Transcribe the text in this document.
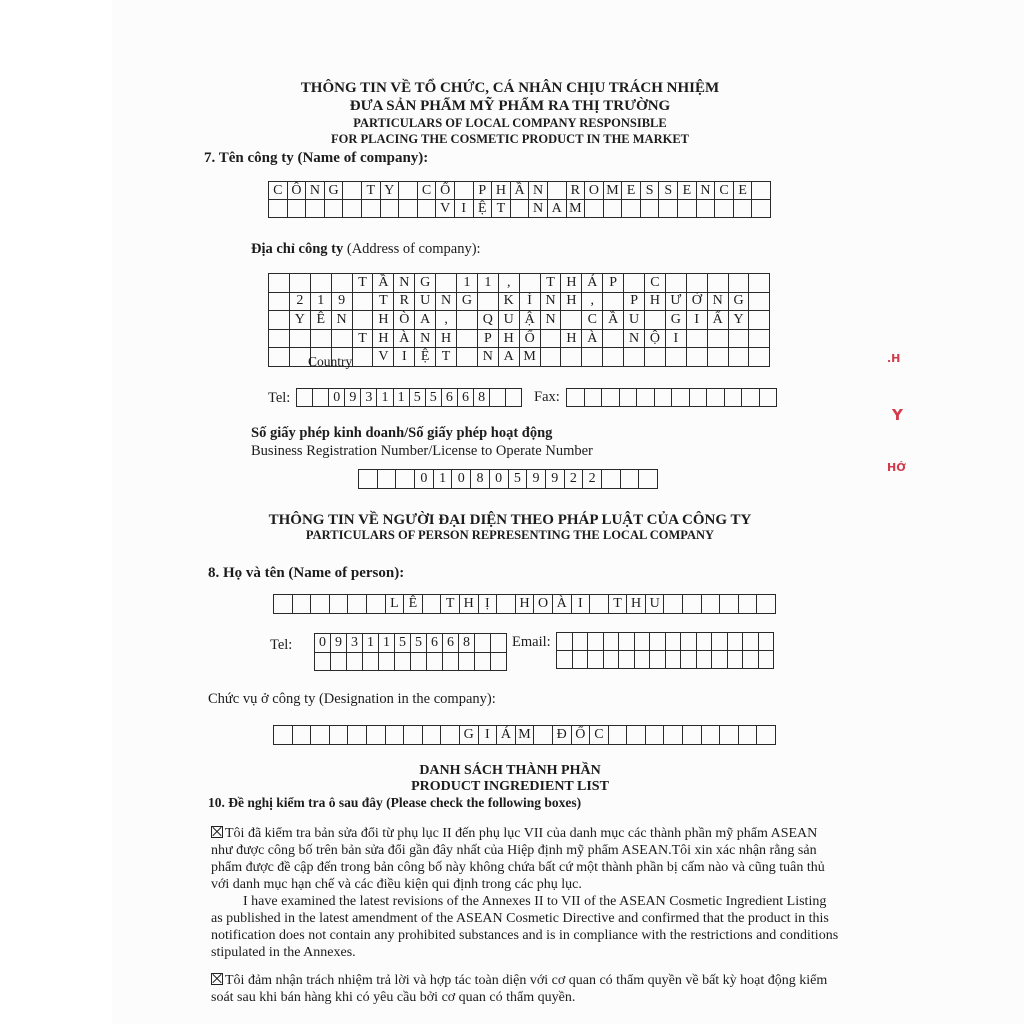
THÔNG TIN VỀ TỔ CHỨC, CÁ NHÂN CHỊU TRÁCH NHIỆM
ĐƯA SẢN PHẨM MỸ PHẨM RA THỊ TRƯỜNG
PARTICULARS OF LOCAL COMPANY RESPONSIBLE
FOR PLACING THE COSMETIC PRODUCT IN THE MARKET
7. Tên công ty (Name of company):
C Ô N G	T Y	C Ổ	P H Ầ N	R O M E S S E N C E
V I Ệ T	N A M
Địa chỉ công ty (Address of company):
T Ầ N G	1 1	,	T H Á P	C
2 1 9	T R U N G	K Í N H	,	P H Ư Ờ N G
Y Ê N	H Ò A	,	Q U Ậ N	C Ầ U	G I Ấ Y
T H À N H	P H Ố	H À	N Ộ I
V I	Ệ T	N A M
Country
Tel:	0 9 3 1 1 5 5 6 6 8	Fax:
Số giấy phép kinh doanh/Số giấy phép hoạt động
Business Registration Number/License to Operate Number
0 1 0 8 0 5 9 9 2 2
THÔNG TIN VỀ NGƯỜI ĐẠI DIỆN THEO PHÁP LUẬT CỦA CÔNG TY
PARTICULARS OF PERSON REPRESENTING THE LOCAL COMPANY
8. Họ và tên (Name of person):
L Ê	T H Ị	H O À I	T H U
Tel: 0 9 3 1 1 5 5 6 6 8	Email:
Chức vụ ở công ty (Designation in the company):
G I Á M Đ Ố C
DANH SÁCH THÀNH PHẦN
PRODUCT INGREDIENT LIST
10. Đề nghị kiểm tra ô sau đây (Please check the following boxes)
Tôi đã kiểm tra bản sửa đổi từ phụ lục II đến phụ lục VII của danh mục các thành phần mỹ phẩm ASEAN như được công bố trên bản sửa đổi gần đây nhất của Hiệp định mỹ phẩm ASEAN.Tôi xin xác nhận rằng sản phẩm được đề cập đến trong bản công bố này không chứa bất cứ một thành phần bị cấm nào và cũng tuân thủ với danh mục hạn chế và các điều kiện qui định trong các phụ lục.
I have examined the latest revisions of the Annexes II to VII of the ASEAN Cosmetic Ingredient Listing as published in the latest amendment of the ASEAN Cosmetic Directive and confirmed that the product in this notification does not contain any prohibited substances and is in compliance with the restrictions and conditions stipulated in the Annexes.
Tôi đảm nhận trách nhiệm trả lời và hợp tác toàn diện với cơ quan có thẩm quyền về bất kỳ hoạt động kiểm soát sau khi bán hàng khi có yêu cầu bởi cơ quan có thẩm quyền.
.H
Y
HỚ
